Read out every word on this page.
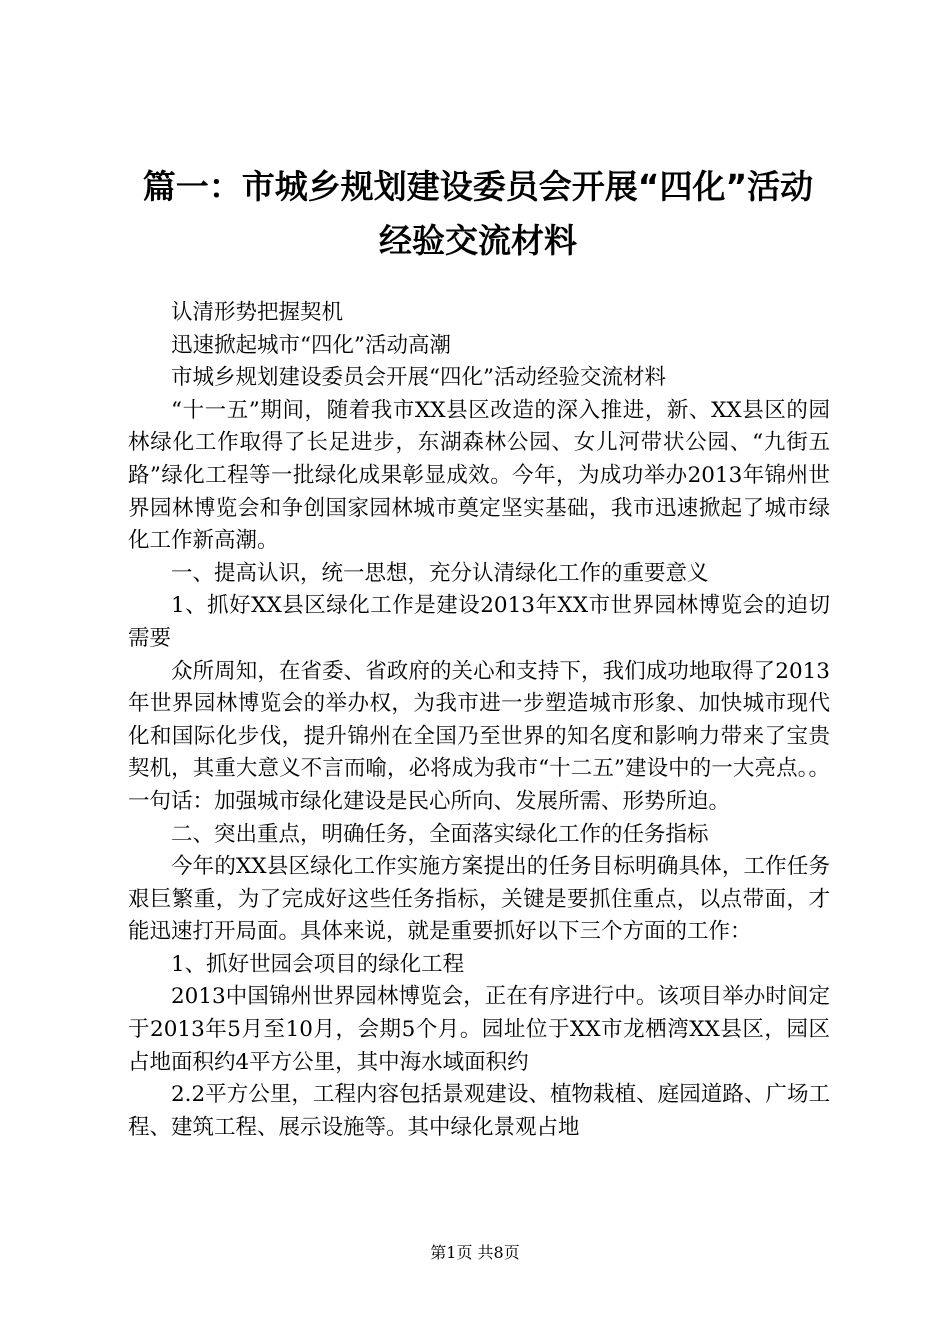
篇一：市城乡规划建设委员会开展“四化”活动经验交流材料

认清形势把握契机

迅速掀起城市“四化”活动高潮

市城乡规划建设委员会开展“四化”活动经验交流材料

“十一五”期间，随着我市XX县区改造的深入推进，新、XX县区的园林绿化工作取得了长足进步，东湖森林公园、女儿河带状公园、“九街五路”绿化工程等一批绿化成果彰显成效。今年，为成功举办2013年锦州世界园林博览会和争创国家园林城市奠定坚实基础，我市迅速掀起了城市绿化工作新高潮。

一、提高认识，统一思想，充分认清绿化工作的重要意义

1、抓好XX县区绿化工作是建设2013年XX市世界园林博览会的迫切需要

众所周知，在省委、省政府的关心和支持下，我们成功地取得了2013年世界园林博览会的举办权，为我市进一步塑造城市形象、加快城市现代化和国际化步伐，提升锦州在全国乃至世界的知名度和影响力带来了宝贵契机，其重大意义不言而喻，必将成为我市“十二五”建设中的一大亮点。。一句话：加强城市绿化建设是民心所向、发展所需、形势所迫。

二、突出重点，明确任务，全面落实绿化工作的任务指标

今年的XX县区绿化工作实施方案提出的任务目标明确具体，工作任务艰巨繁重，为了完成好这些任务指标，关键是要抓住重点，以点带面，才能迅速打开局面。具体来说，就是重要抓好以下三个方面的工作：

1、抓好世园会项目的绿化工程

2013中国锦州世界园林博览会，正在有序进行中。该项目举办时间定于2013年5月至10月，会期5个月。园址位于XX市龙栖湾XX县区，园区占地面积约4平方公里，其中海水域面积约

2.2平方公里，工程内容包括景观建设、植物栽植、庭园道路、广场工程、建筑工程、展示设施等。其中绿化景观占地

第1页 共8页
